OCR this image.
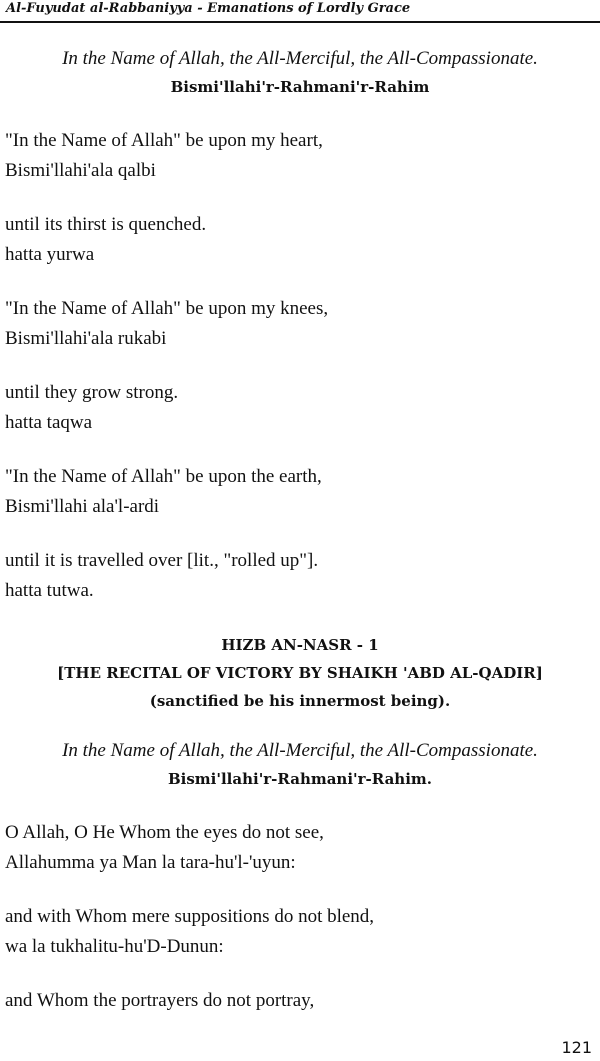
Al-Fuyudat al-Rabbaniyya - Emanations of Lordly Grace
In the Name of Allah, the All-Merciful, the All-Compassionate.
Bismi'llahi'r-Rahmani'r-Rahim
"In the Name of Allah" be upon my heart,
Bismi'llahi'ala qalbi
until its thirst is quenched.
hatta yurwa
"In the Name of Allah" be upon my knees,
Bismi'llahi'ala rukabi
until they grow strong.
hatta taqwa
"In the Name of Allah" be upon the earth,
Bismi'llahi ala'l-ardi
until it is travelled over [lit., "rolled up"].
hatta tutwa.
HIZB AN-NASR - 1
[THE RECITAL OF VICTORY BY SHAIKH 'ABD AL-QADIR]
(sanctified be his innermost being).
In the Name of Allah, the All-Merciful, the All-Compassionate.
Bismi'llahi'r-Rahmani'r-Rahim.
O Allah, O He Whom the eyes do not see,
Allahumma ya Man la tara-hu'l-'uyun:
and with Whom mere suppositions do not blend,
wa la tukhalitu-hu'D-Dunun:
and Whom the portrayers do not portray,
121
